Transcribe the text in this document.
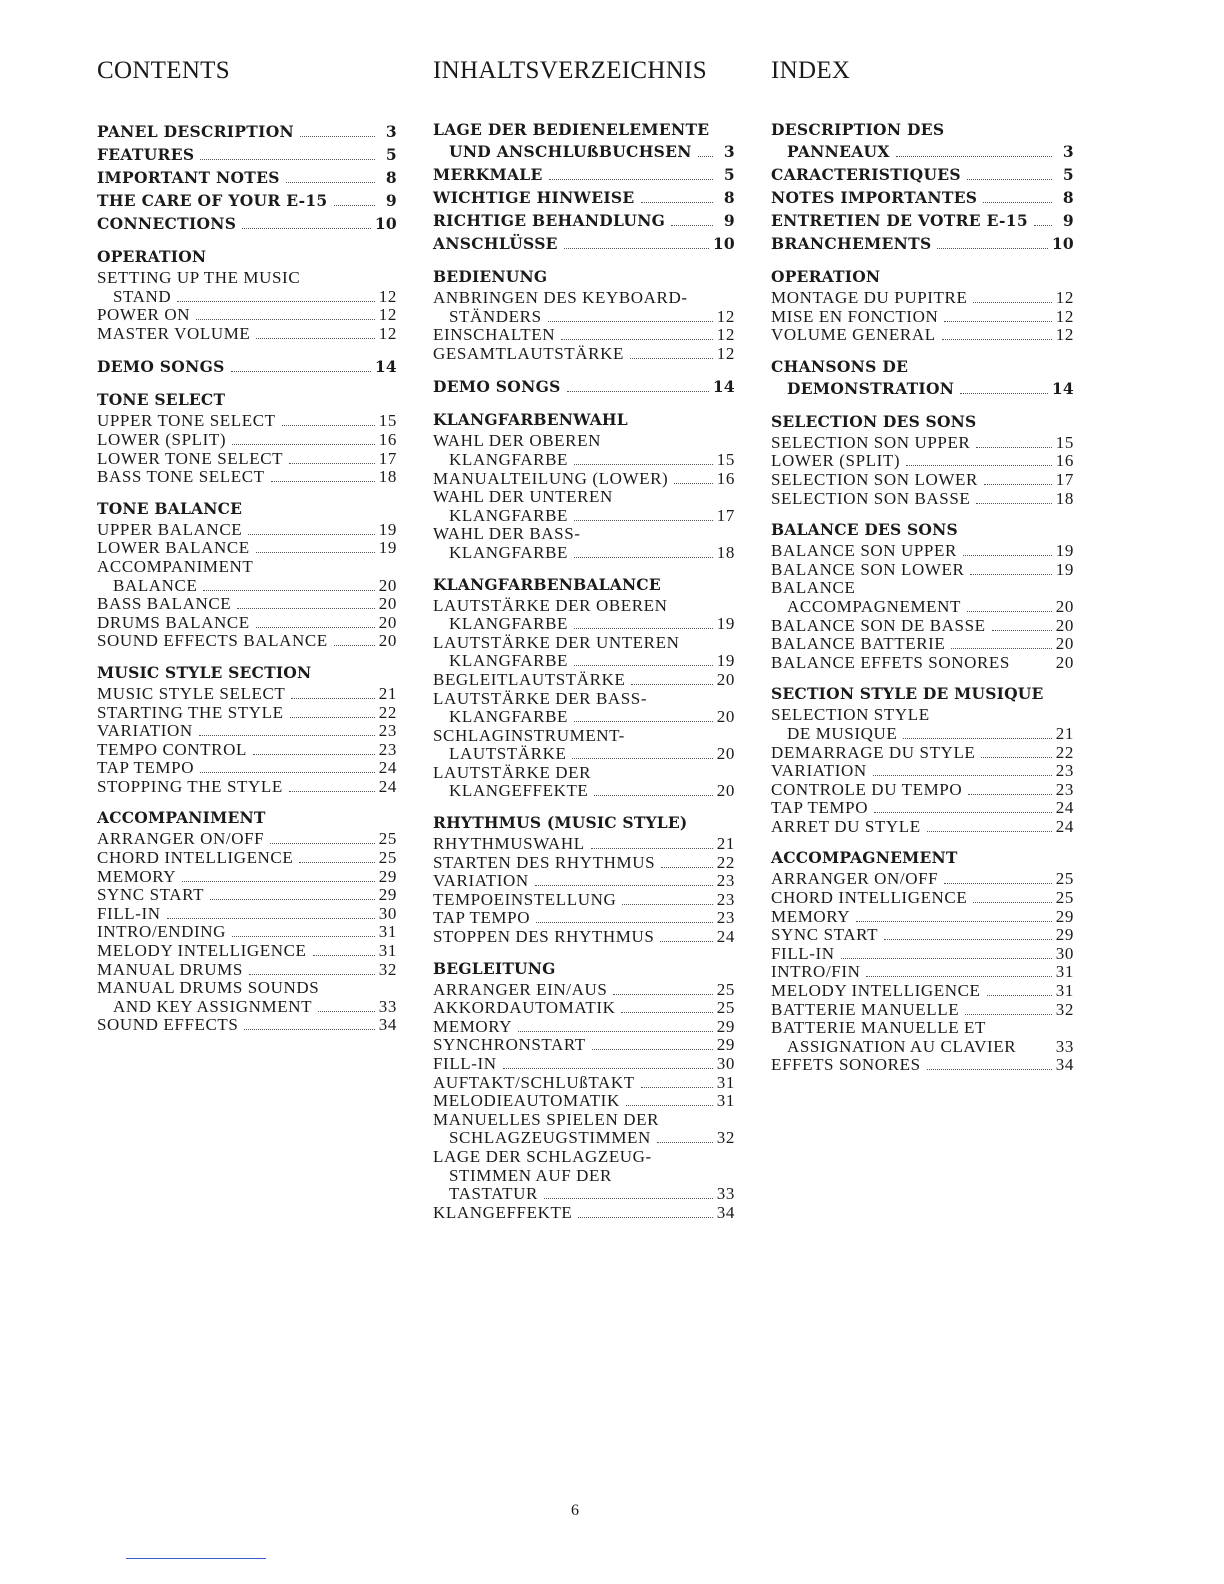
CONTENTS
PANEL DESCRIPTION	3
FEATURES	5
IMPORTANT NOTES	8
THE CARE OF YOUR E-15	9
CONNECTIONS	10
OPERATION
SETTING UP THE MUSIC
STAND	12
POWER ON	12
MASTER VOLUME	12
DEMO SONGS	14
TONE SELECT
UPPER TONE SELECT	15
LOWER (SPLIT)	16
LOWER TONE SELECT	17
BASS TONE SELECT	18
TONE BALANCE
UPPER BALANCE	19
LOWER BALANCE	19
ACCOMPANIMENT
BALANCE	20
BASS BALANCE	20
DRUMS BALANCE	20
SOUND EFFECTS BALANCE	20
MUSIC STYLE SECTION
MUSIC STYLE SELECT	21
STARTING THE STYLE	22
VARIATION	23
TEMPO CONTROL	23
TAP TEMPO	24
STOPPING THE STYLE	24
ACCOMPANIMENT
ARRANGER ON/OFF	25
CHORD INTELLIGENCE	25
MEMORY	29
SYNC START	29
FILL-IN	30
INTRO/ENDING	31
MELODY INTELLIGENCE	31
MANUAL DRUMS	32
MANUAL DRUMS SOUNDS
AND KEY ASSIGNMENT	33
SOUND EFFECTS	34
INHALTSVERZEICHNIS
LAGE DER BEDIENELEMENTE
UND ANSCHLUßBUCHSEN	3
MERKMALE	5
WICHTIGE HINWEISE	8
RICHTIGE BEHANDLUNG	9
ANSCHLÜSSE	10
BEDIENUNG
ANBRINGEN DES KEYBOARD-
STÄNDERS	12
EINSCHALTEN	12
GESAMTLAUTSTÄRKE	12
DEMO SONGS	14
KLANGFARBENWAHL
WAHL DER OBEREN
KLANGFARBE	15
MANUALTEILUNG (LOWER)	16
WAHL DER UNTEREN
KLANGFARBE	17
WAHL DER BASS-
KLANGFARBE	18
KLANGFARBENBALANCE
LAUTSTÄRKE DER OBEREN
KLANGFARBE	19
LAUTSTÄRKE DER UNTEREN
KLANGFARBE	19
BEGLEITLAUTSTÄRKE	20
LAUTSTÄRKE DER BASS-
KLANGFARBE	20
SCHLAGINSTRUMENT-
LAUTSTÄRKE	20
LAUTSTÄRKE DER
KLANGEFFEKTE	20
RHYTHMUS (MUSIC STYLE)
RHYTHMUSWAHL	21
STARTEN DES RHYTHMUS	22
VARIATION	23
TEMPOEINSTELLUNG	23
TAP TEMPO	23
STOPPEN DES RHYTHMUS	24
BEGLEITUNG
ARRANGER EIN/AUS	25
AKKORDAUTOMATIK	25
MEMORY	29
SYNCHRONSTART	29
FILL-IN	30
AUFTAKT/SCHLUßTAKT	31
MELODIEAUTOMATIK	31
MANUELLES SPIELEN DER
SCHLAGZEUGSTIMMEN	32
LAGE DER SCHLAGZEUG-
STIMMEN AUF DER
TASTATUR	33
KLANGEFFEKTE	34
INDEX
DESCRIPTION DES
PANNEAUX	3
CARACTERISTIQUES	5
NOTES IMPORTANTES	8
ENTRETIEN DE VOTRE E-15	9
BRANCHEMENTS	10
OPERATION
MONTAGE DU PUPITRE	12
MISE EN FONCTION	12
VOLUME GENERAL	12
CHANSONS DE
DEMONSTRATION	14
SELECTION DES SONS
SELECTION SON UPPER	15
LOWER (SPLIT)	16
SELECTION SON LOWER	17
SELECTION SON BASSE	18
BALANCE DES SONS
BALANCE SON UPPER	19
BALANCE SON LOWER	19
BALANCE
ACCOMPAGNEMENT	20
BALANCE SON DE BASSE	20
BALANCE BATTERIE	20
BALANCE EFFETS SONORES	20
SECTION STYLE DE MUSIQUE
SELECTION STYLE
DE MUSIQUE	21
DEMARRAGE DU STYLE	22
VARIATION	23
CONTROLE DU TEMPO	23
TAP TEMPO	24
ARRET DU STYLE	24
ACCOMPAGNEMENT
ARRANGER ON/OFF	25
CHORD INTELLIGENCE	25
MEMORY	29
SYNC START	29
FILL-IN	30
INTRO/FIN	31
MELODY INTELLIGENCE	31
BATTERIE MANUELLE	32
BATTERIE MANUELLE ET
ASSIGNATION AU CLAVIER 33
EFFETS SONORES	34
6
